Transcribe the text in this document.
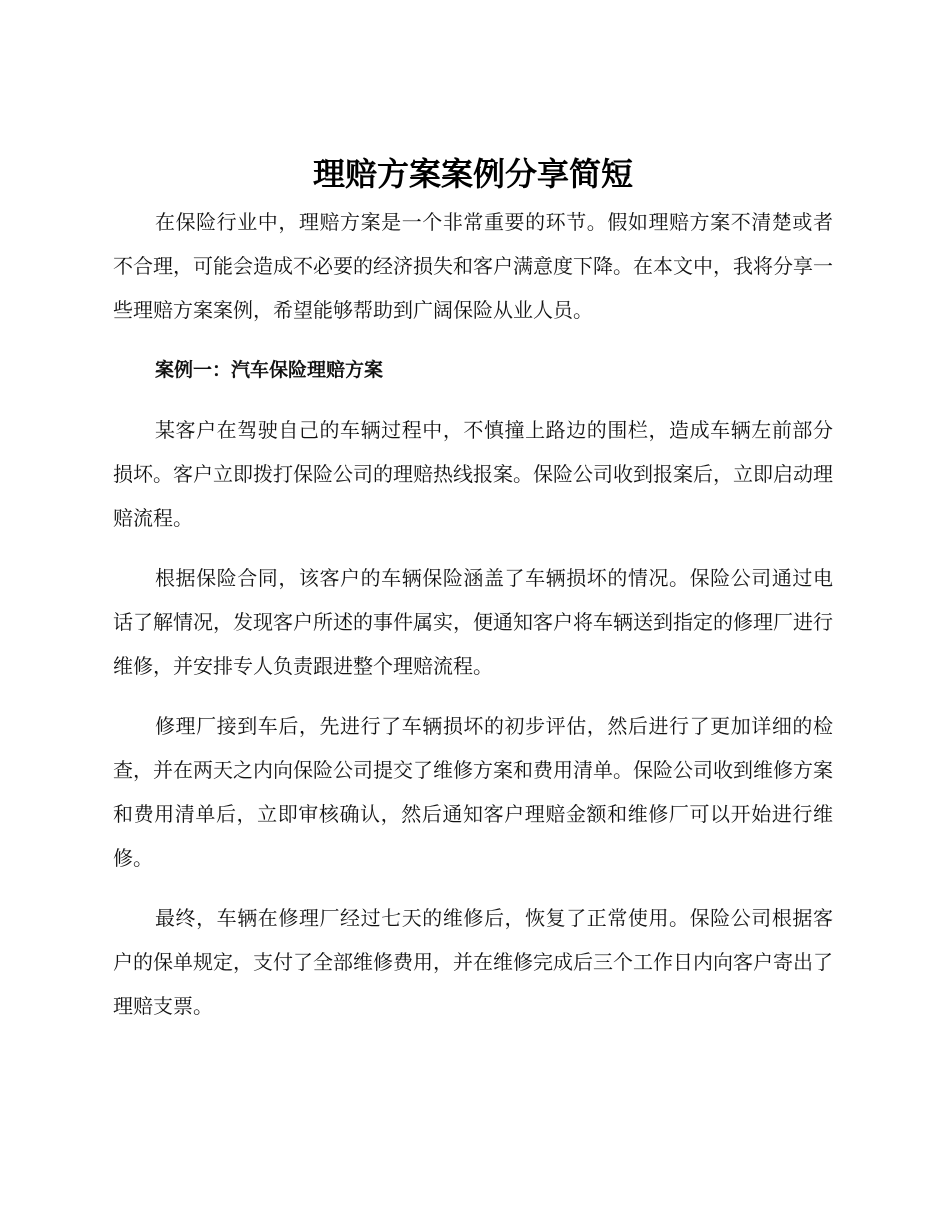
理赔方案案例分享简短

在保险行业中，理赔方案是一个非常重要的环节。假如理赔方案不清楚或者不合理，可能会造成不必要的经济损失和客户满意度下降。在本文中，我将分享一些理赔方案案例，希望能够帮助到广阔保险从业人员。

案例一：汽车保险理赔方案

某客户在驾驶自己的车辆过程中，不慎撞上路边的围栏，造成车辆左前部分损坏。客户立即拨打保险公司的理赔热线报案。保险公司收到报案后，立即启动理赔流程。

根据保险合同，该客户的车辆保险涵盖了车辆损坏的情况。保险公司通过电话了解情况，发现客户所述的事件属实，便通知客户将车辆送到指定的修理厂进行维修，并安排专人负责跟进整个理赔流程。

修理厂接到车后，先进行了车辆损坏的初步评估，然后进行了更加详细的检查，并在两天之内向保险公司提交了维修方案和费用清单。保险公司收到维修方案和费用清单后，立即审核确认，然后通知客户理赔金额和维修厂可以开始进行维修。

最终，车辆在修理厂经过七天的维修后，恢复了正常使用。保险公司根据客户的保单规定，支付了全部维修费用，并在维修完成后三个工作日内向客户寄出了理赔支票。
